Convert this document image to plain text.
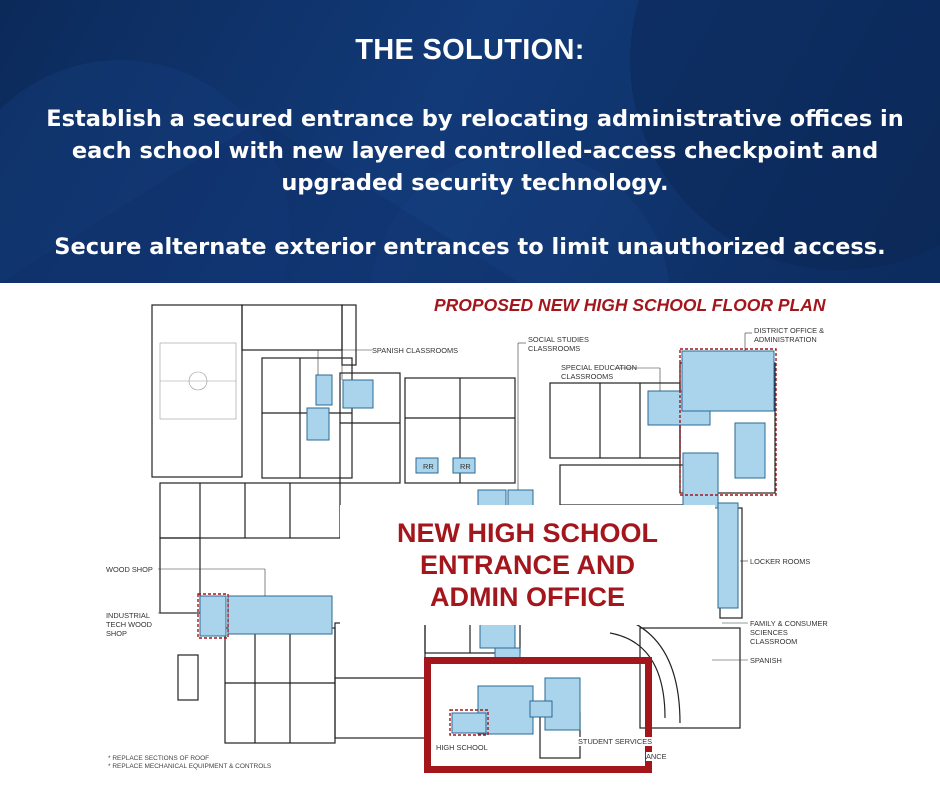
THE SOLUTION:
Establish a secured entrance by relocating administrative offices in
each school with new layered controlled-access checkpoint and
upgraded security technology.
Secure alternate exterior entrances to limit unauthorized access.
PROPOSED NEW HIGH SCHOOL FLOOR PLAN
SPANISH CLASSROOMS
SOCIAL STUDIES
CLASSROOMS
SPECIAL EDUCATION
CLASSROOMS
DISTRICT OFFICE &
ADMINISTRATION
WOOD SHOP
INDUSTRIAL
TECH WOOD
SHOP
LOCKER ROOMS
FAMILY & CONSUMER
SCIENCES
CLASSROOM
SPANISH
RR	RR
NEW HIGH SCHOOL
ENTRANCE AND
ADMIN OFFICE
HIGH SCHOOL
STUDENT SERVICES
ANCE
* REPLACE SECTIONS OF ROOF
* REPLACE MECHANICAL EQUIPMENT & CONTROLS
